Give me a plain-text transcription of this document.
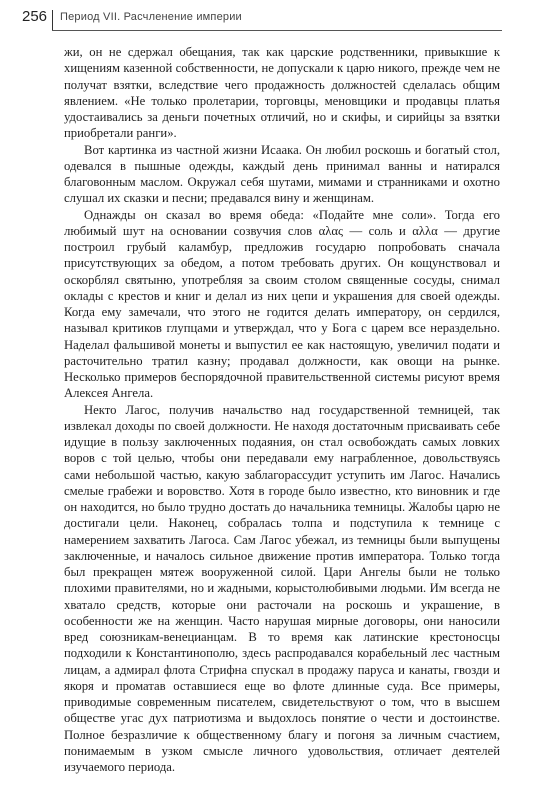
256 Период VII. Расчленение империи

жи, он не сдержал обещания, так как царские родственники, привыкшие к хищениям казенной собственности, не допускали к царю никого, прежде чем не получат взятки, вследствие чего продажность должностей сделалась общим явлением. «Не только пролетарии, торговцы, меновщики и продавцы платья удостаивались за деньги почетных отличий, но и скифы, и сирийцы за взятки приобретали ранги».

Вот картинка из частной жизни Исаака. Он любил роскошь и богатый стол, одевался в пышные одежды, каждый день принимал ванны и натирался благовонным маслом. Окружал себя шутами, мимами и странниками и охотно слушал их сказки и песни; предавался вину и женщинам.

Однажды он сказал во время обеда: «Подайте мне соли». Тогда его любимый шут на основании созвучия слов αλας — соль и αλλα — другие построил грубый каламбур, предложив государю попробовать сначала присутствующих за обедом, а потом требовать других. Он кощунствовал и оскорблял святыню, употребляя за своим столом священные сосуды, снимал оклады с крестов и книг и делал из них цепи и украшения для своей одежды. Когда ему замечали, что этого не годится делать императору, он сердился, называл критиков глупцами и утверждал, что у Бога с царем все нераздельно. Наделал фальшивой монеты и выпустил ее как настоящую, увеличил подати и расточительно тратил казну; продавал должности, как овощи на рынке. Несколько примеров беспорядочной правительственной системы рисуют время Алексея Ангела.

Некто Лагос, получив начальство над государственной темницей, так извлекал доходы по своей должности. Не находя достаточным присваивать себе идущие в пользу заключенных подаяния, он стал освобождать самых ловких воров с той целью, чтобы они передавали ему награбленное, довольствуясь сами небольшой частью, какую заблагорассудит уступить им Лагос. Начались смелые грабежи и воровство. Хотя в городе было известно, кто виновник и где он находится, но было трудно достать до начальника темницы. Жалобы царю не достигали цели. Наконец, собралась толпа и подступила к темнице с намерением захватить Лагоса. Сам Лагос убежал, из темницы были выпущены заключенные, и началось сильное движение против императора. Только тогда был прекращен мятеж вооруженной силой. Цари Ангелы были не только плохими правителями, но и жадными, корыстолюбивыми людьми. Им всегда не хватало средств, которые они расточали на роскошь и украшение, в особенности же на женщин. Часто нарушая мирные договоры, они наносили вред союзникам-венецианцам. В то время как латинские крестоносцы подходили к Константинополю, здесь распродавался корабельный лес частным лицам, а адмирал флота Стрифна спускал в продажу паруса и канаты, гвозди и якоря и проматав оставшиеся еще во флоте длинные суда. Все примеры, приводимые современным писателем, свидетельствуют о том, что в высшем обществе угас дух патриотизма и выдохлось понятие о чести и достоинстве. Полное безразличие к общественному благу и погоня за личным счастием, понимаемым в узком смысле личного удовольствия, отличает деятелей изучаемого периода.
